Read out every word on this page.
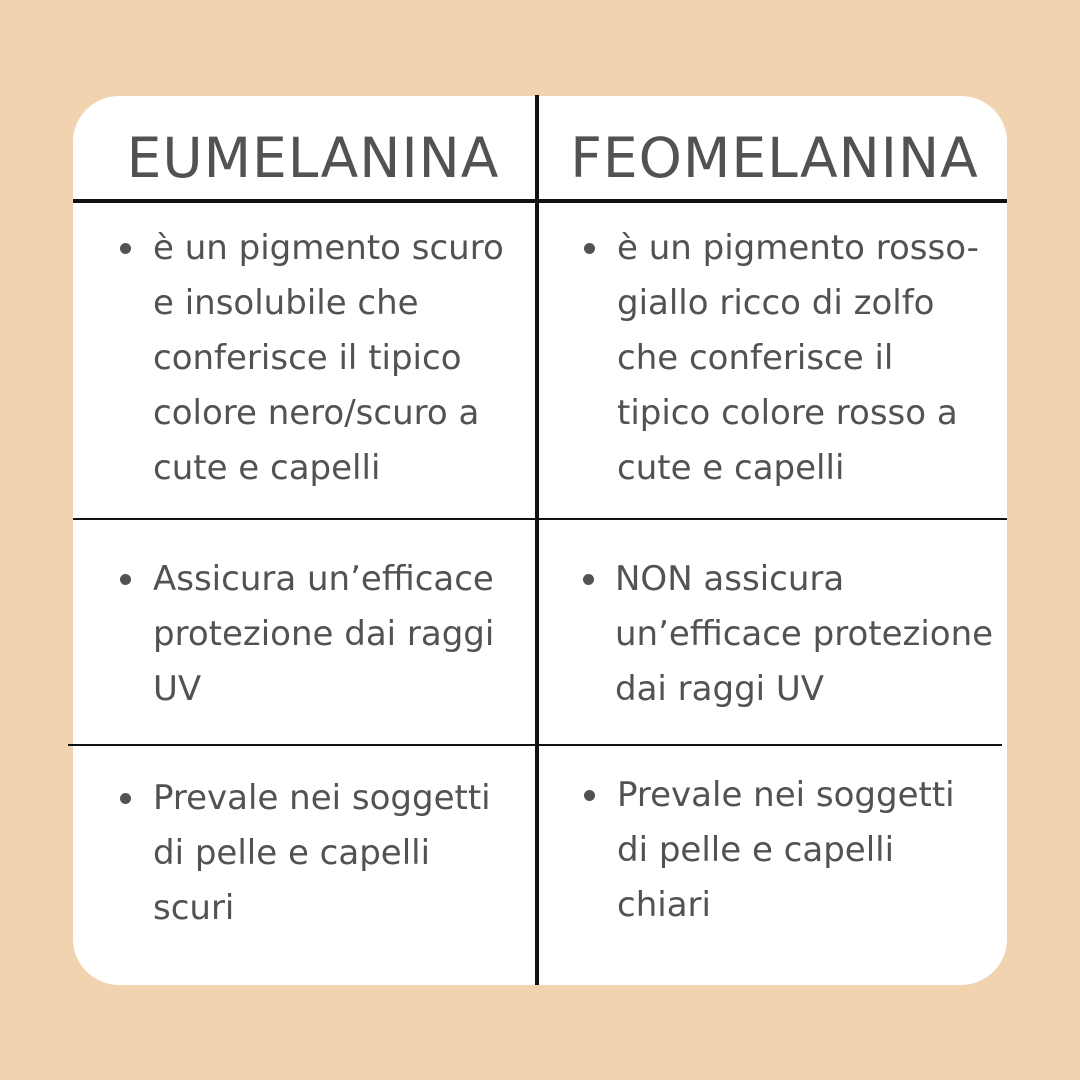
EUMELANINA	FEOMELANINA
è un pigmento scuro
e insolubile che
conferisce il tipico
colore nero/scuro a
cute e capelli
è un pigmento rosso-
giallo ricco di zolfo
che conferisce il
tipico colore rosso a
cute e capelli
Assicura un’efficace
protezione dai raggi
UV
NON assicura
un’efficace protezione
dai raggi UV
Prevale nei soggetti
di pelle e capelli
scuri
Prevale nei soggetti
di pelle e capelli
chiari
